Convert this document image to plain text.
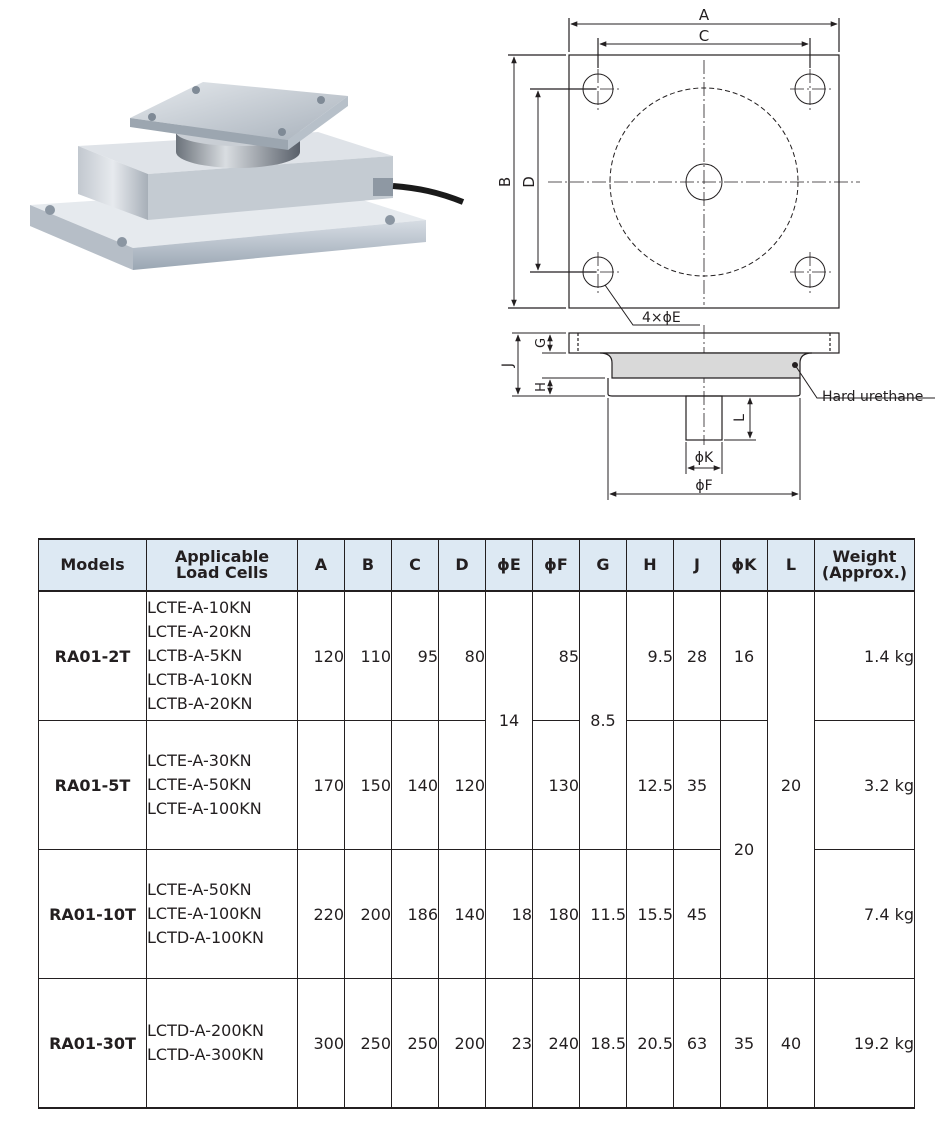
A
C
B D
4×ϕE
J
G
H
L
ϕK
ϕF
Hard urethane
Models	Applicable
Load Cells	A	B	C	D	ϕE	ϕF	G	H	J	ϕK	L	Weight
(Approx.)
RA01-2T	LCTE-A-10KN
LCTE-A-20KN
LCTB-A-5KN
LCTB-A-10KN
LCTB-A-20KN	120	110	95	80	14	85	8.5	9.5	28	16	20	1.4 kg
RA01-5T	LCTE-A-30KN
LCTE-A-50KN
LCTE-A-100KN	170	150	140	120		130		12.5	35	20		3.2 kg
RA01-10T	LCTE-A-50KN
LCTE-A-100KN
LCTD-A-100KN	220	200	186	140	18	180	11.5	15.5	45			7.4 kg
RA01-30T	LCTD-A-200KN
LCTD-A-300KN	300	250	250	200	23	240	18.5	20.5	63	35	40	19.2 kg
